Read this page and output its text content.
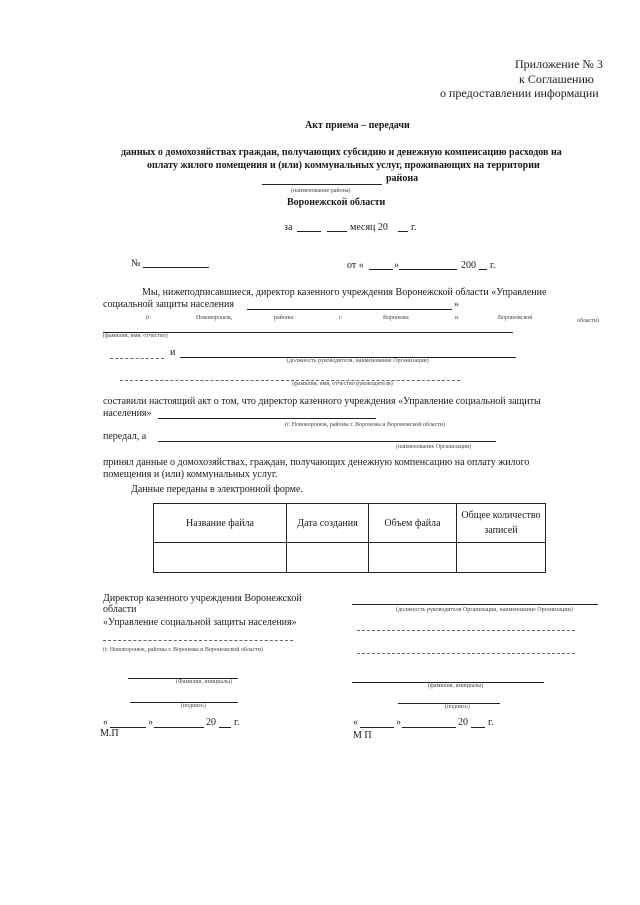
Приложение № 3
к Соглашению
о предоставлении информации
Акт приема – передачи
данных о домохозяйствах граждан, получающих субсидию и денежную компенсацию расходов на
оплату жилого помещения и (или) коммунальных услуг, проживающих на территории
района
(наименование района)
Воронежской области
за	месяц 20 г.
№	от «	»	200 г.
Мы, нижеподписавшиеся, директор казенного учреждения Воронежской области «Управление
социальной защиты населения	»
(г.	Нововоронеж,	районы	г.	Воронежа	и	Воронежской	области)
(фамилия, имя, отчество)
и
(должность руководителя, наименование Организации)
(фамилия, имя, отчество руководителя)
составили настоящий акт о том, что директор казенного учреждения «Управление социальной защиты
населения»
(г. Нововоронеж, районы г. Воронежа и Воронежской области)
передал, а
(наименование Организации)
принял данные о домохозяйствах, граждан, получающих денежную компенсацию на оплату жилого
помещения и (или) коммунальных услуг.
Данные переданы в электронной форме.
Название файла	Дата создания	Объем файла	Общее количество записей

Директор казенного учреждения Воронежской
области
«Управление социальной защиты населения»
(г. Нововоронеж, районы г. Воронежа и Воронежской области)
(Фамилия, инициалы)
(подпись)
«	»	20 г.
М.П
(должность руководителя Организации, наименование Организации)
(фамилия, инициалы)
(подпись)
«	»	20 г.
М П
